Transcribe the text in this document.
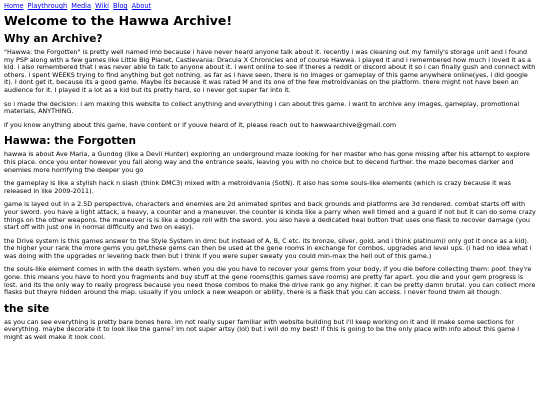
Home Playthrough Media Wiki Blog About
Welcome to the Hawwa Archive!
Why an Archive?

"Hawwa: the Forgotten" is pretty well named imo because i have never heard anyone talk about it. recently i was cleaning out my family's storage unit and i found my PSP along with a few games like Little Big Planet, Castlevania: Dracula X Chronicles and of course Hawwa. i played it and i remembered how much i loved it as a kid. i also remembered that i was never able to talk to anyone about it. i went online to see if theres a reddit or discord about it so i can finally gush and connect with others. i spent WEEKS trying to find anything but got nothing. as far as i have seen, there is no images or gameplay of this game anywhere online(yes, i did google it). I dont get it, because its a good game. Maybe its because it was rated M and its one of the few metroidvanias on the platform. there might not have been an audience for it. I played it a lot as a kid but its pretty hard, so i never got super far into it.

so i made the decision: i am making this website to collect anything and everything i can about this game. i want to archive any images, gameplay, promotional materials, ANYTHING.

if you know anything about this game, have content or if youve heard of it, please reach out to hawwaarchive@gmail.com

Hawwa: the Forgotten

hawwa is about Ave Maria, a Gundog (like a Devil Hunter) exploring an underground maze looking for her master who has gone missing after his attempt to explore this place. once you enter however you fall along way and the entrance seals, leaving you with no choice but to decend further. the maze becomes darker and enemies more horrifying the deeper you go

the gameplay is like a stylish hack n slash (think DMC3) mixed with a metroidvania (SotN). it also has some souls-like elements (which is crazy because it was released in like 2009-2011).

game is layed out in a 2.5D perspective, characters and enemies are 2d animated sprites and back grounds and platforms are 3d rendered. combat starts off with your sword. you have a light attack, a heavy, a counter and a maneuver. the counter is kinda like a parry when well timed and a guard if not but it can do some crazy things on the other weapons. the maneuver is is like a dodge roll with the sword. you also have a dedicated heal button that uses one flask to recover damage (you start off with just one in normal difficulty and two on easy).

the Drive system is this games answer to the Style System in dmc but instead of A, B, C etc. its bronze, silver, gold, and i think platinum(i only got it once as a kid). the higher your rank the more gems you get,these gems can then be used at the gene rooms in exchange for combos, upgrades and level ups. (i had no idea what i was doing with the upgrades or leveling back then but i think if you were super sweaty you could min-max the hell out of this game.)

the souls-like element comes in with the death system. when you die you have to recover your gems from your body, if you die before collecting them: poof. they're gone. this means you have to hord you fragments and buy stuff at the gene rooms(this games save rooms) are pretty far apart. you die and your gem progress is lost. and its the only way to really progress because you need those combos to make the drive rank go any higher. it can be pretty damn brutal. you can collect more flasks but theyre hidden around the map. usually if you unlock a new weapon or ability, there is a flask that you can access. i never found them all though.

the site

as you can see everything is pretty bare bones here. im not really super familiar with website building but i'll keep working on it and ill make some sections for everything. maybe decorate it to look like the game? im not super artsy (lol) but i will do my best! if this is going to be the only place with info about this game i might as well make it look cool.
